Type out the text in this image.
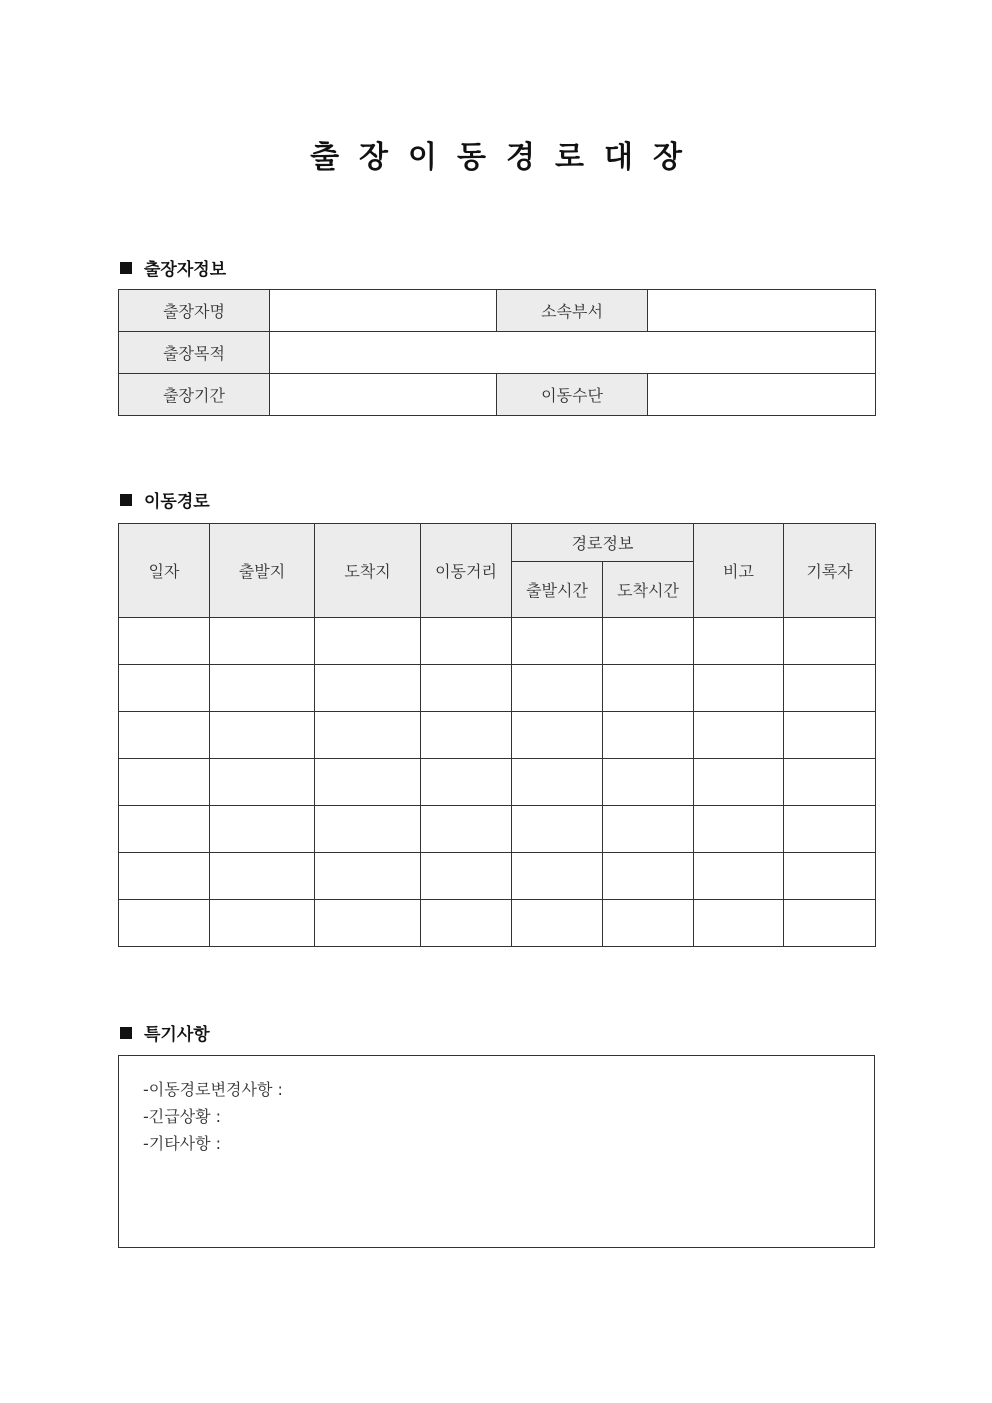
출장이동경로대장
출장자정보
출장자명		소속부서	
출장목적			
출장기간		이동수단	
이동경로
일자	출발지	도착지	이동거리	경로정보		비고	기록자
				출발시간	도착시간		

특기사항
-이동경로변경사항 :
-긴급상황 :
-기타사항 :
